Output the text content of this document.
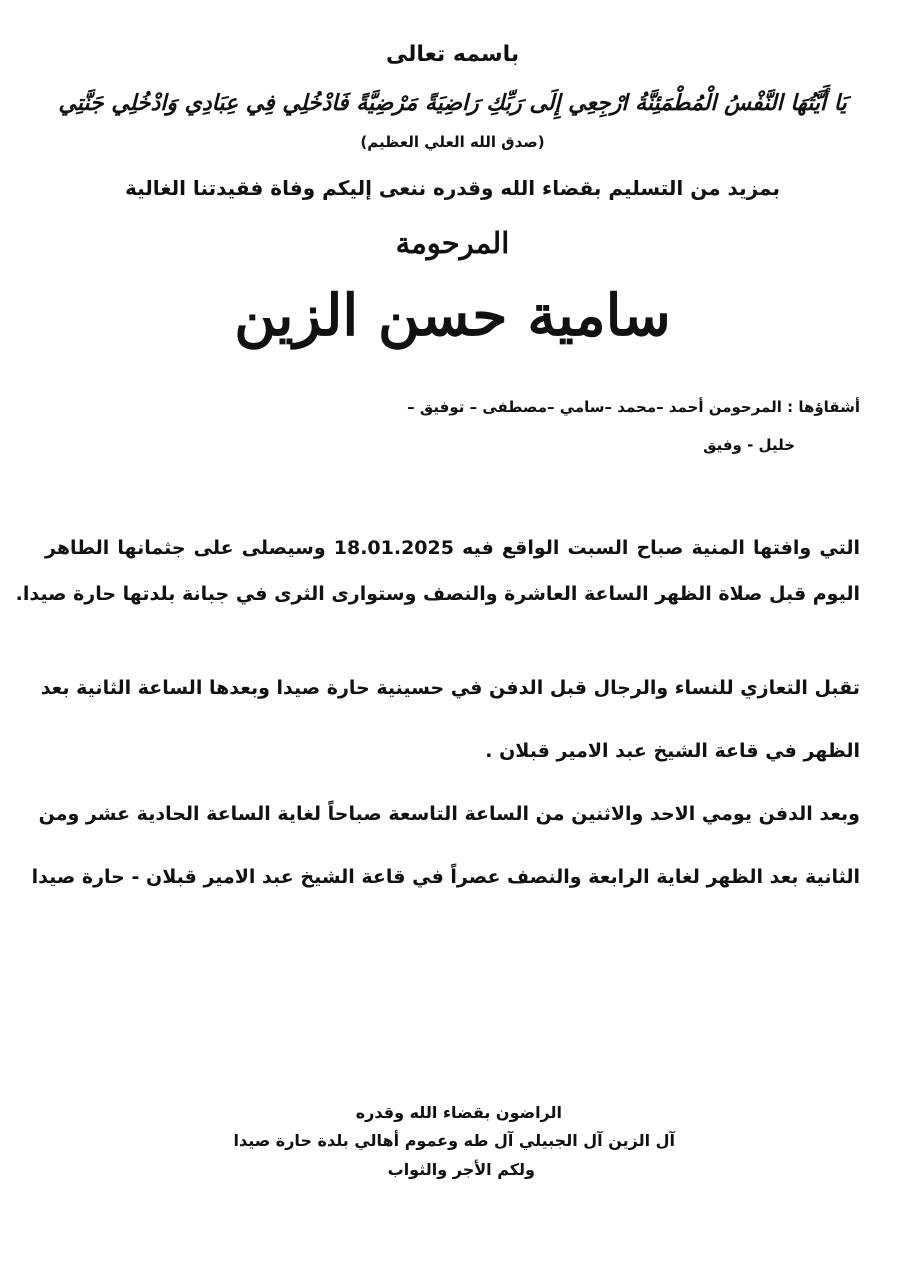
باسمه تعالى
يَا أَيَّتُهَا النَّفْسُ الْمُطْمَئِنَّةُ ارْجِعِي إِلَى رَبِّكِ رَاضِيَةً مَرْضِيَّةً فَادْخُلِي فِي عِبَادِي وَادْخُلِي جَنَّتِي
(صدق الله العلي العظيم)
بمزيد من التسليم بقضاء الله وقدره ننعى إليكم وفاة فقيدتنا الغالية
المرحومة
سامية حسن الزين
أشقاؤها : المرحومن أحمد –محمد –سامي –مصطفى – توفيق –
خليل - وفيق
التي وافتها المنية صباح السبت الواقع فيه 18.01.2025 وسيصلى على جثمانها الطاهر
اليوم قبل صلاة الظهر الساعة العاشرة والنصف وستوارى الثرى في جبانة بلدتها حارة صيدا.
تقبل التعازي للنساء والرجال قبل الدفن في حسينية حارة صيدا وبعدها الساعة الثانية بعد
الظهر في قاعة الشيخ عبد الامير قبلان .
وبعد الدفن يومي الاحد والاثنين من الساعة التاسعة صباحاً لغاية الساعة الحادية عشر ومن
الثانية بعد الظهر لغاية الرابعة والنصف عصراً في قاعة الشيخ عبد الامير قبلان - حارة صيدا
الراضون بقضاء الله وقدره
آل الزين آل الجبيلي آل طه وعموم أهالي بلدة حارة صيدا
ولكم الأجر والثواب
